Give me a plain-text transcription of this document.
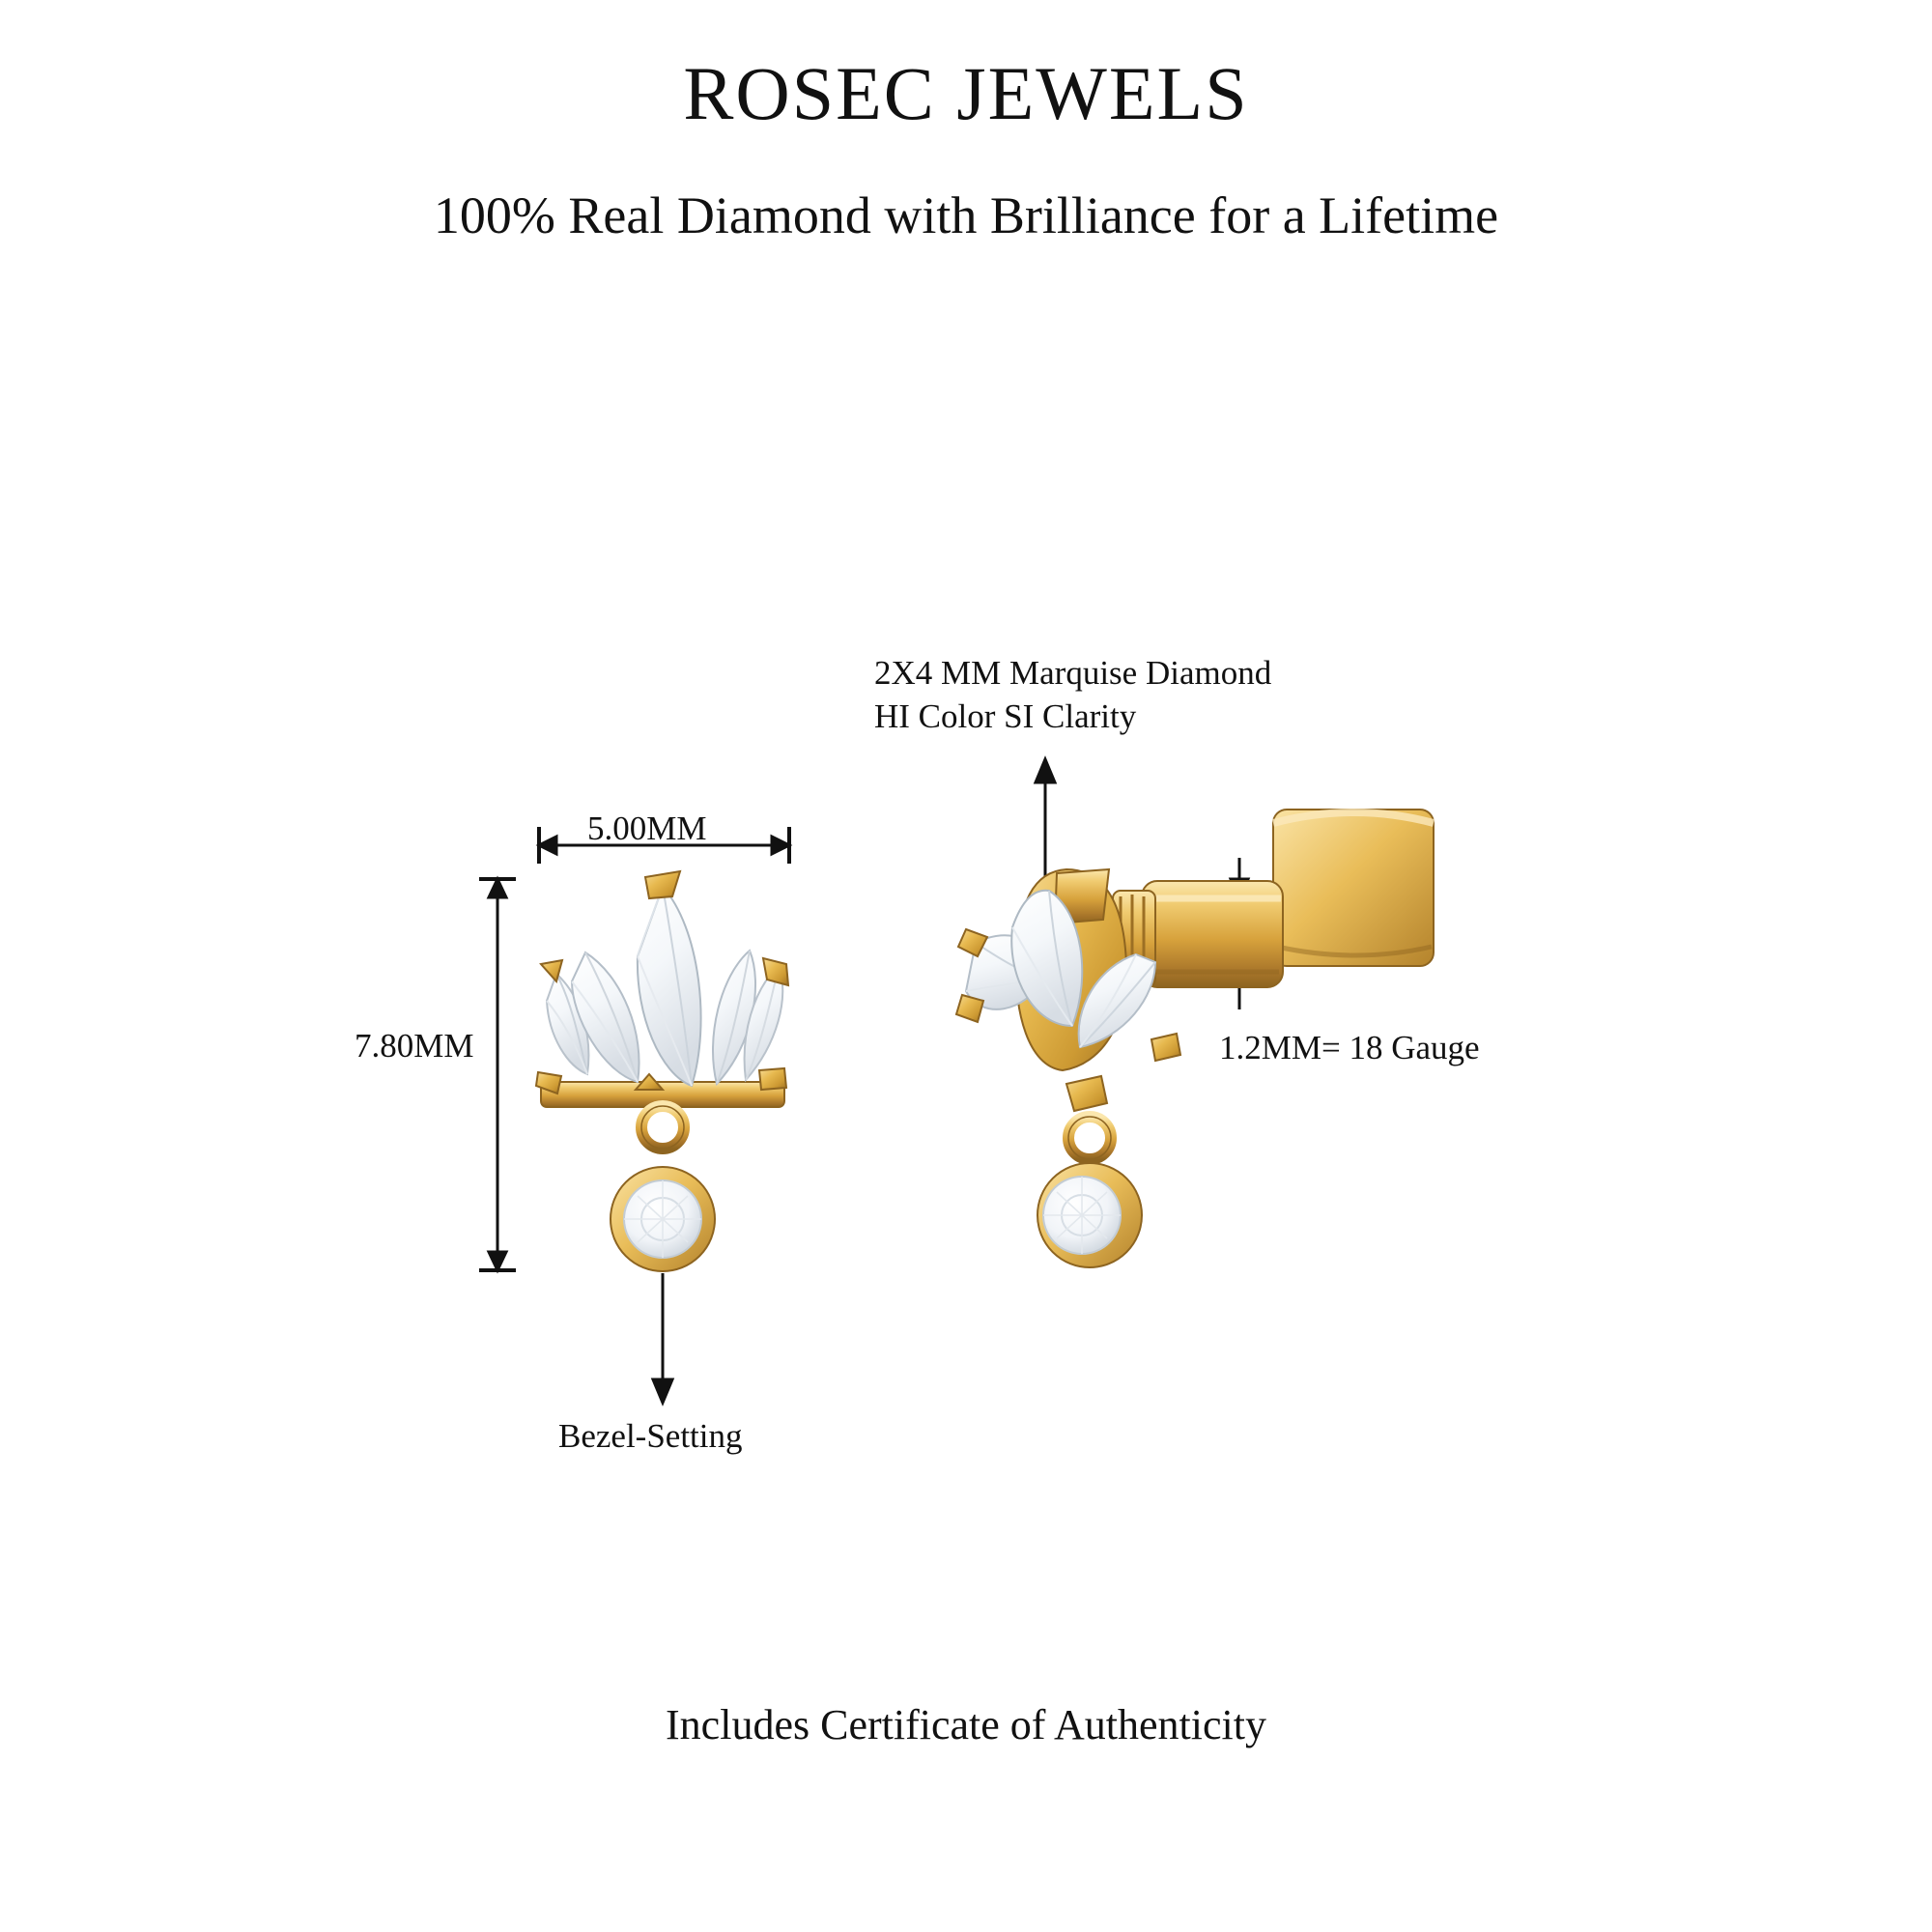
ROSEC JEWELS
100% Real Diamond with Brilliance for a Lifetime
2X4 MM Marquise Diamond
HI Color SI Clarity
1.2MM= 18 Gauge
Bezel-Setting
5.00MM
7.80MM
Includes Certificate of Authenticity
